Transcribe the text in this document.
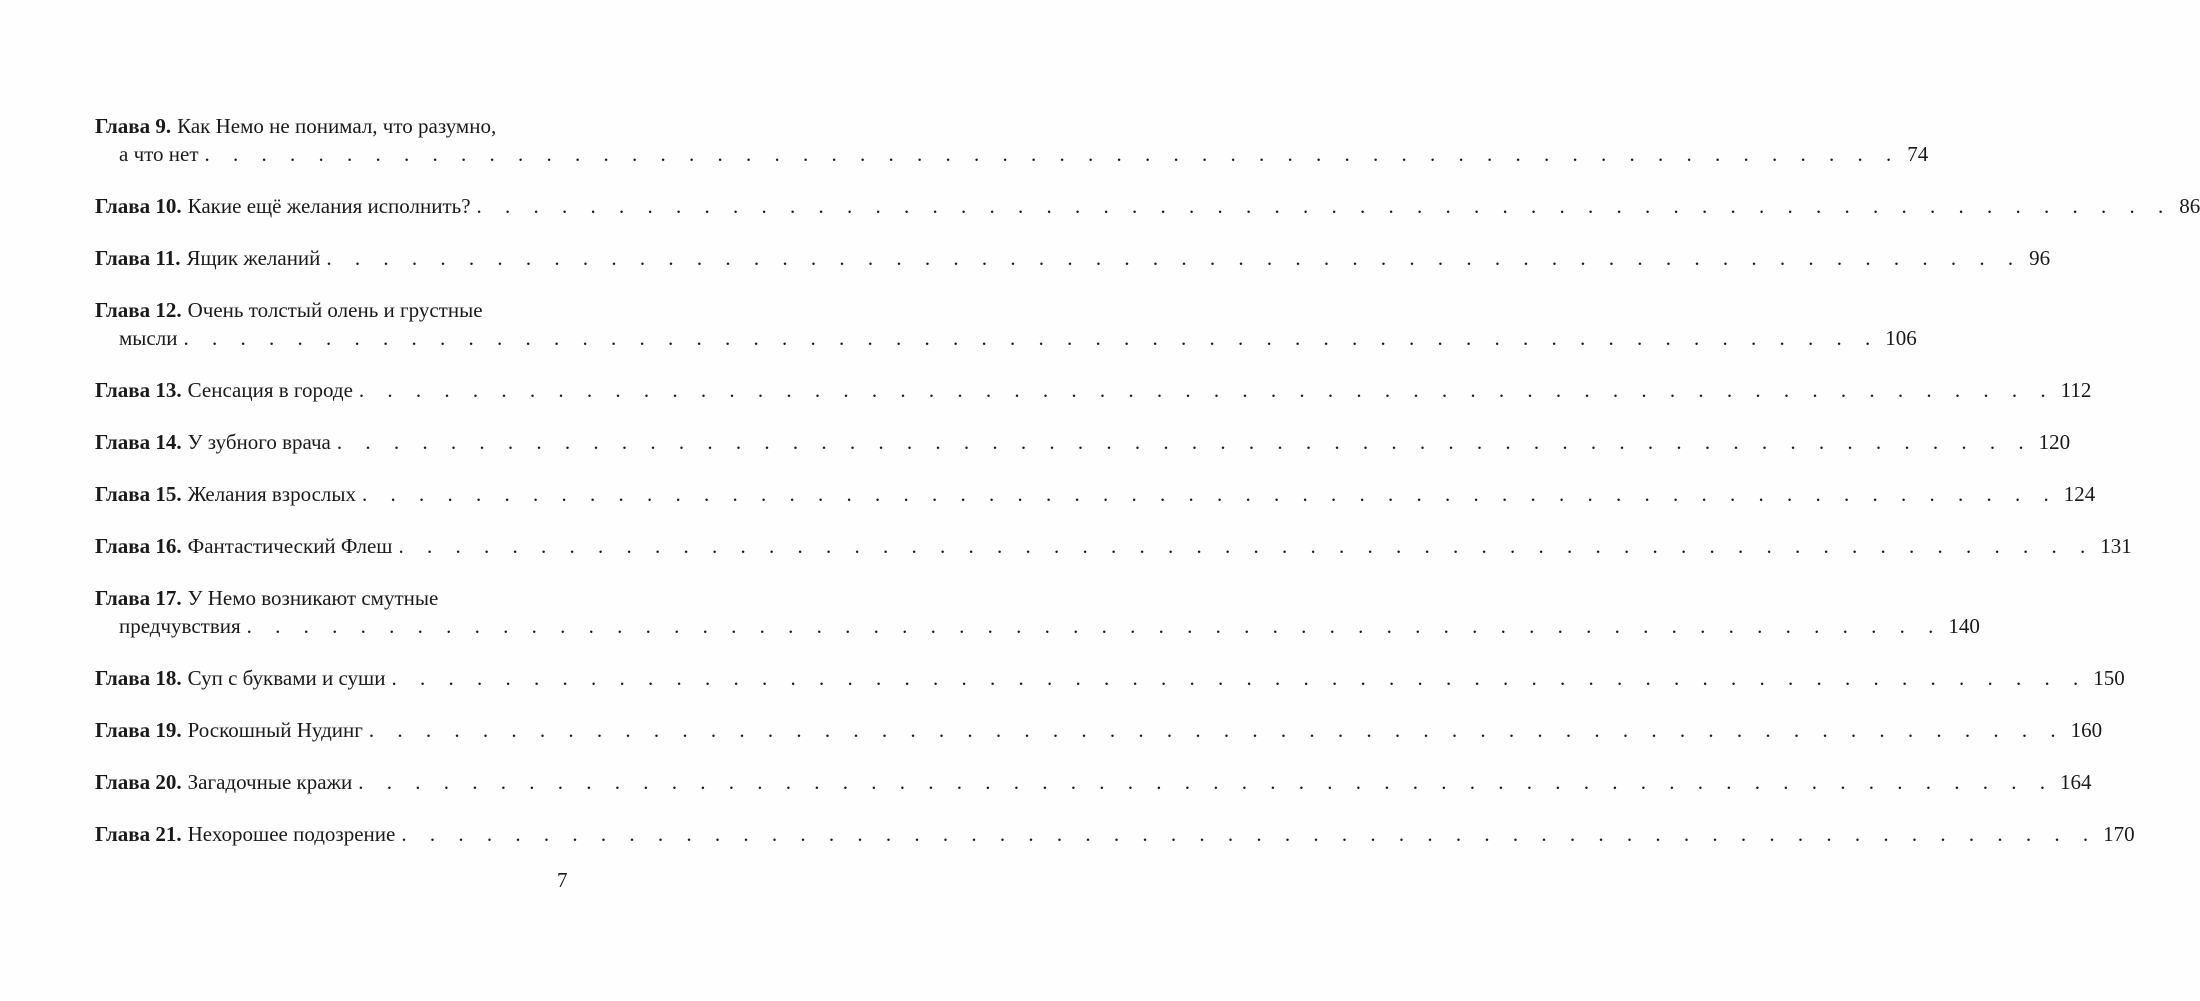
Глава 9. Как Немо не понимал, что разумно,
а что нет . . . . . . . . . . . . . . . . . . . . . . . . . . . . . . . . . . . . . . . . . . . . . . . . . . . . . . . . . . . . 74
Глава 10. Какие ещё желания исполнить? . . . . . . . . . . . . . . . . . . . . . . . . . . . . . . . . . . . . . . . . . . . . . . . . . . . . . . . . . . . . 86
Глава 11. Ящик желаний . . . . . . . . . . . . . . . . . . . . . . . . . . . . . . . . . . . . . . . . . . . . . . . . . . . . . . . . . . . . 96
Глава 12. Очень толстый олень и грустные
мысли . . . . . . . . . . . . . . . . . . . . . . . . . . . . . . . . . . . . . . . . . . . . . . . . . . . . . . . . . . . . 106
Глава 13. Сенсация в городе . . . . . . . . . . . . . . . . . . . . . . . . . . . . . . . . . . . . . . . . . . . . . . . . . . . . . . . . . . . . 112
Глава 14. У зубного врача . . . . . . . . . . . . . . . . . . . . . . . . . . . . . . . . . . . . . . . . . . . . . . . . . . . . . . . . . . . . 120
Глава 15. Желания взрослых . . . . . . . . . . . . . . . . . . . . . . . . . . . . . . . . . . . . . . . . . . . . . . . . . . . . . . . . . . . . 124
Глава 16. Фантастический Флеш . . . . . . . . . . . . . . . . . . . . . . . . . . . . . . . . . . . . . . . . . . . . . . . . . . . . . . . . . . . . 131
Глава 17. У Немо возникают смутные
предчувствия . . . . . . . . . . . . . . . . . . . . . . . . . . . . . . . . . . . . . . . . . . . . . . . . . . . . . . . . . . . . 140
Глава 18. Суп с буквами и суши . . . . . . . . . . . . . . . . . . . . . . . . . . . . . . . . . . . . . . . . . . . . . . . . . . . . . . . . . . . . 150
Глава 19. Роскошный Нудинг . . . . . . . . . . . . . . . . . . . . . . . . . . . . . . . . . . . . . . . . . . . . . . . . . . . . . . . . . . . . 160
Глава 20. Загадочные кражи . . . . . . . . . . . . . . . . . . . . . . . . . . . . . . . . . . . . . . . . . . . . . . . . . . . . . . . . . . . . 164
Глава 21. Нехорошее подозрение . . . . . . . . . . . . . . . . . . . . . . . . . . . . . . . . . . . . . . . . . . . . . . . . . . . . . . . . . . . . 170
7
